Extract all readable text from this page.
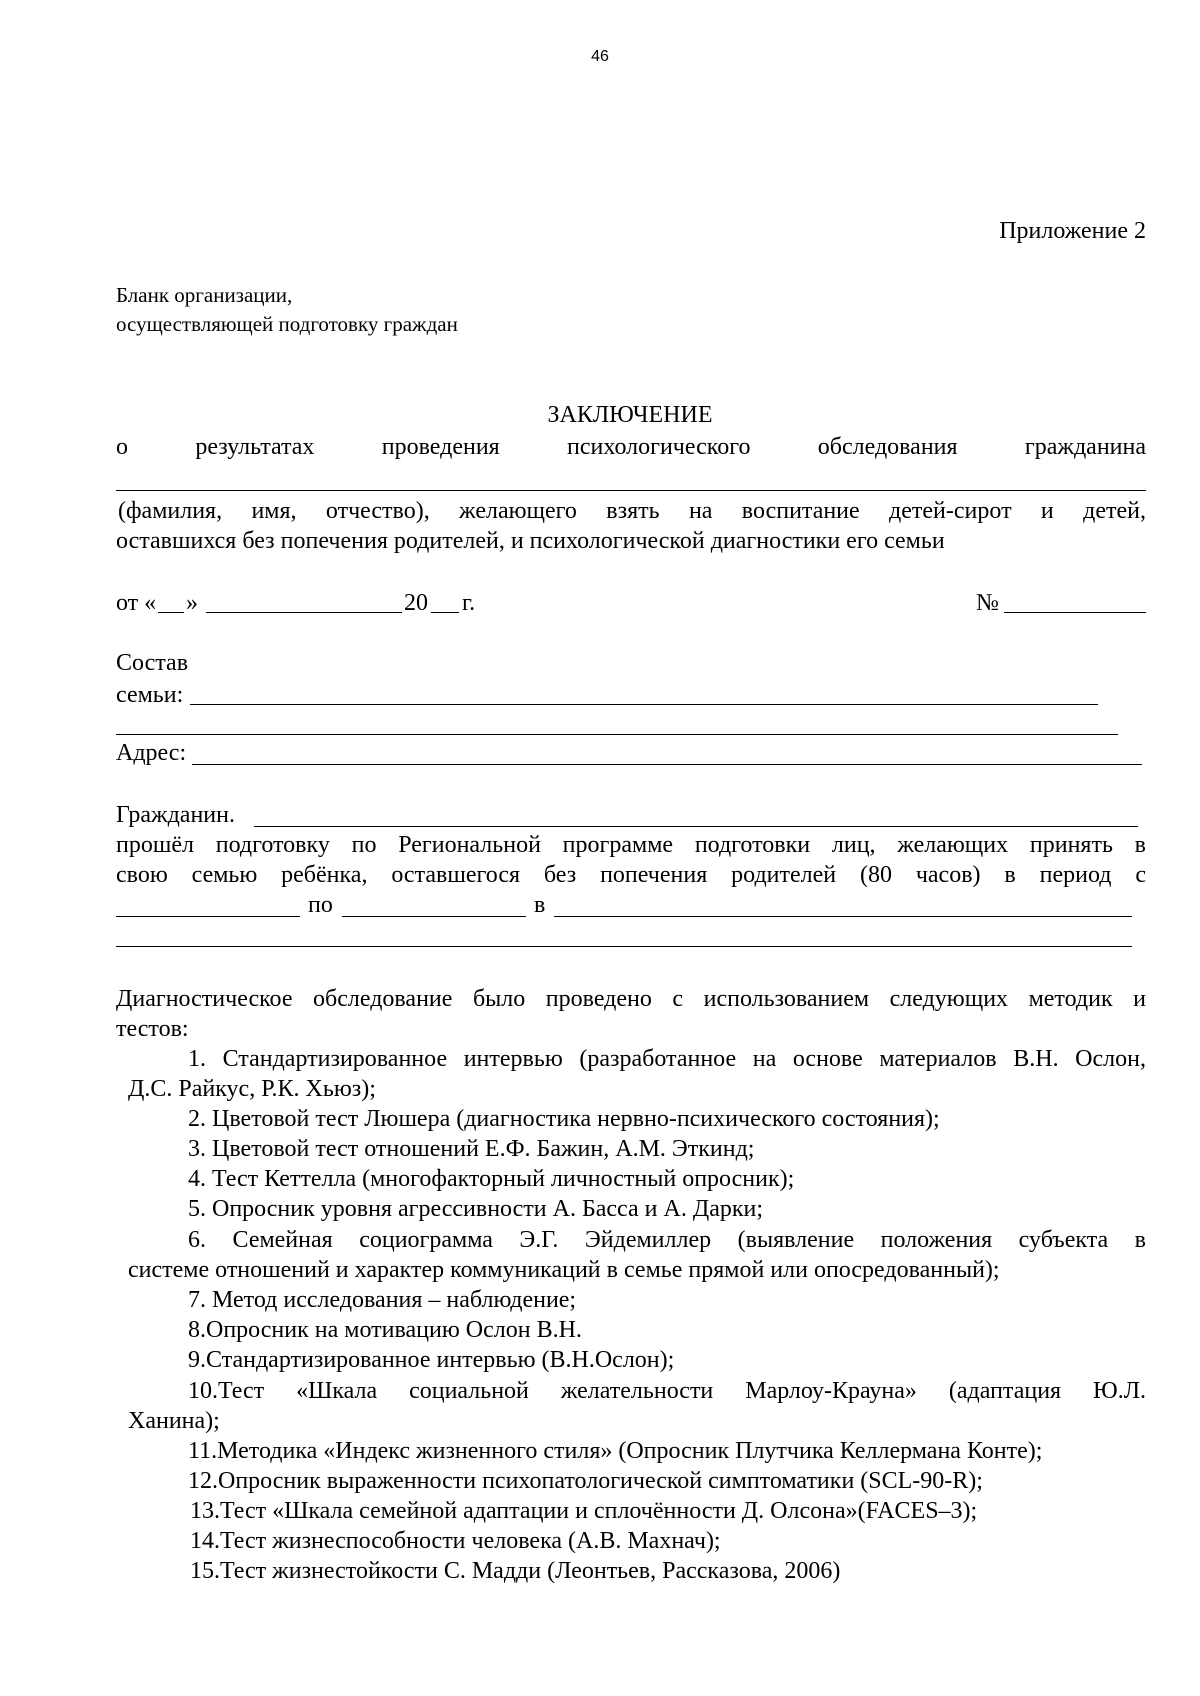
46
Приложение 2
Бланк организации,
осуществляющей подготовку граждан
ЗАКЛЮЧЕНИЕ
о результатах проведения психологического обследования гражданина
(фамилия, имя, отчество), желающего взять на воспитание детей-сирот и детей,
оставшихся без попечения родителей, и психологической диагностики его семьи
от « »	20 г.	№
Состав
семьи:
Адрес:
Гражданин.
прошёл подготовку по Региональной программе подготовки лиц, желающих принять в
свою семью ребёнка, оставшегося без попечения родителей (80 часов) в период с
по	в
Диагностическое обследование было проведено с использованием следующих методик и
тестов:
1. Стандартизированное интервью (разработанное на основе материалов В.Н. Ослон,
Д.С. Райкус, Р.К. Хьюз);
2. Цветовой тест Люшера (диагностика нервно-психического состояния);
3. Цветовой тест отношений Е.Ф. Бажин, А.М. Эткинд;
4. Тест Кеттелла (многофакторный личностный опросник);
5. Опросник уровня агрессивности А. Басса и А. Дарки;
6. Семейная социограмма Э.Г. Эйдемиллер (выявление положения субъекта в
системе отношений и характер коммуникаций в семье прямой или опосредованный);
7. Метод исследования – наблюдение;
8.Опросник на мотивацию Ослон В.Н.
9.Стандартизированное интервью (В.Н.Ослон);
10.Тест «Шкала социальной желательности Марлоу-Крауна» (адаптация Ю.Л.
Ханина);
11.Методика «Индекс жизненного стиля» (Опросник Плутчика Келлермана Конте);
12.Опросник выраженности психопатологической симптоматики (SCL-90-R);
13.Тест «Шкала семейной адаптации и сплочённости Д. Олсона»(FACES–3);
14.Тест жизнеспособности человека (А.В. Махнач);
15.Тест жизнестойкости С. Мадди (Леонтьев, Рассказова, 2006)
